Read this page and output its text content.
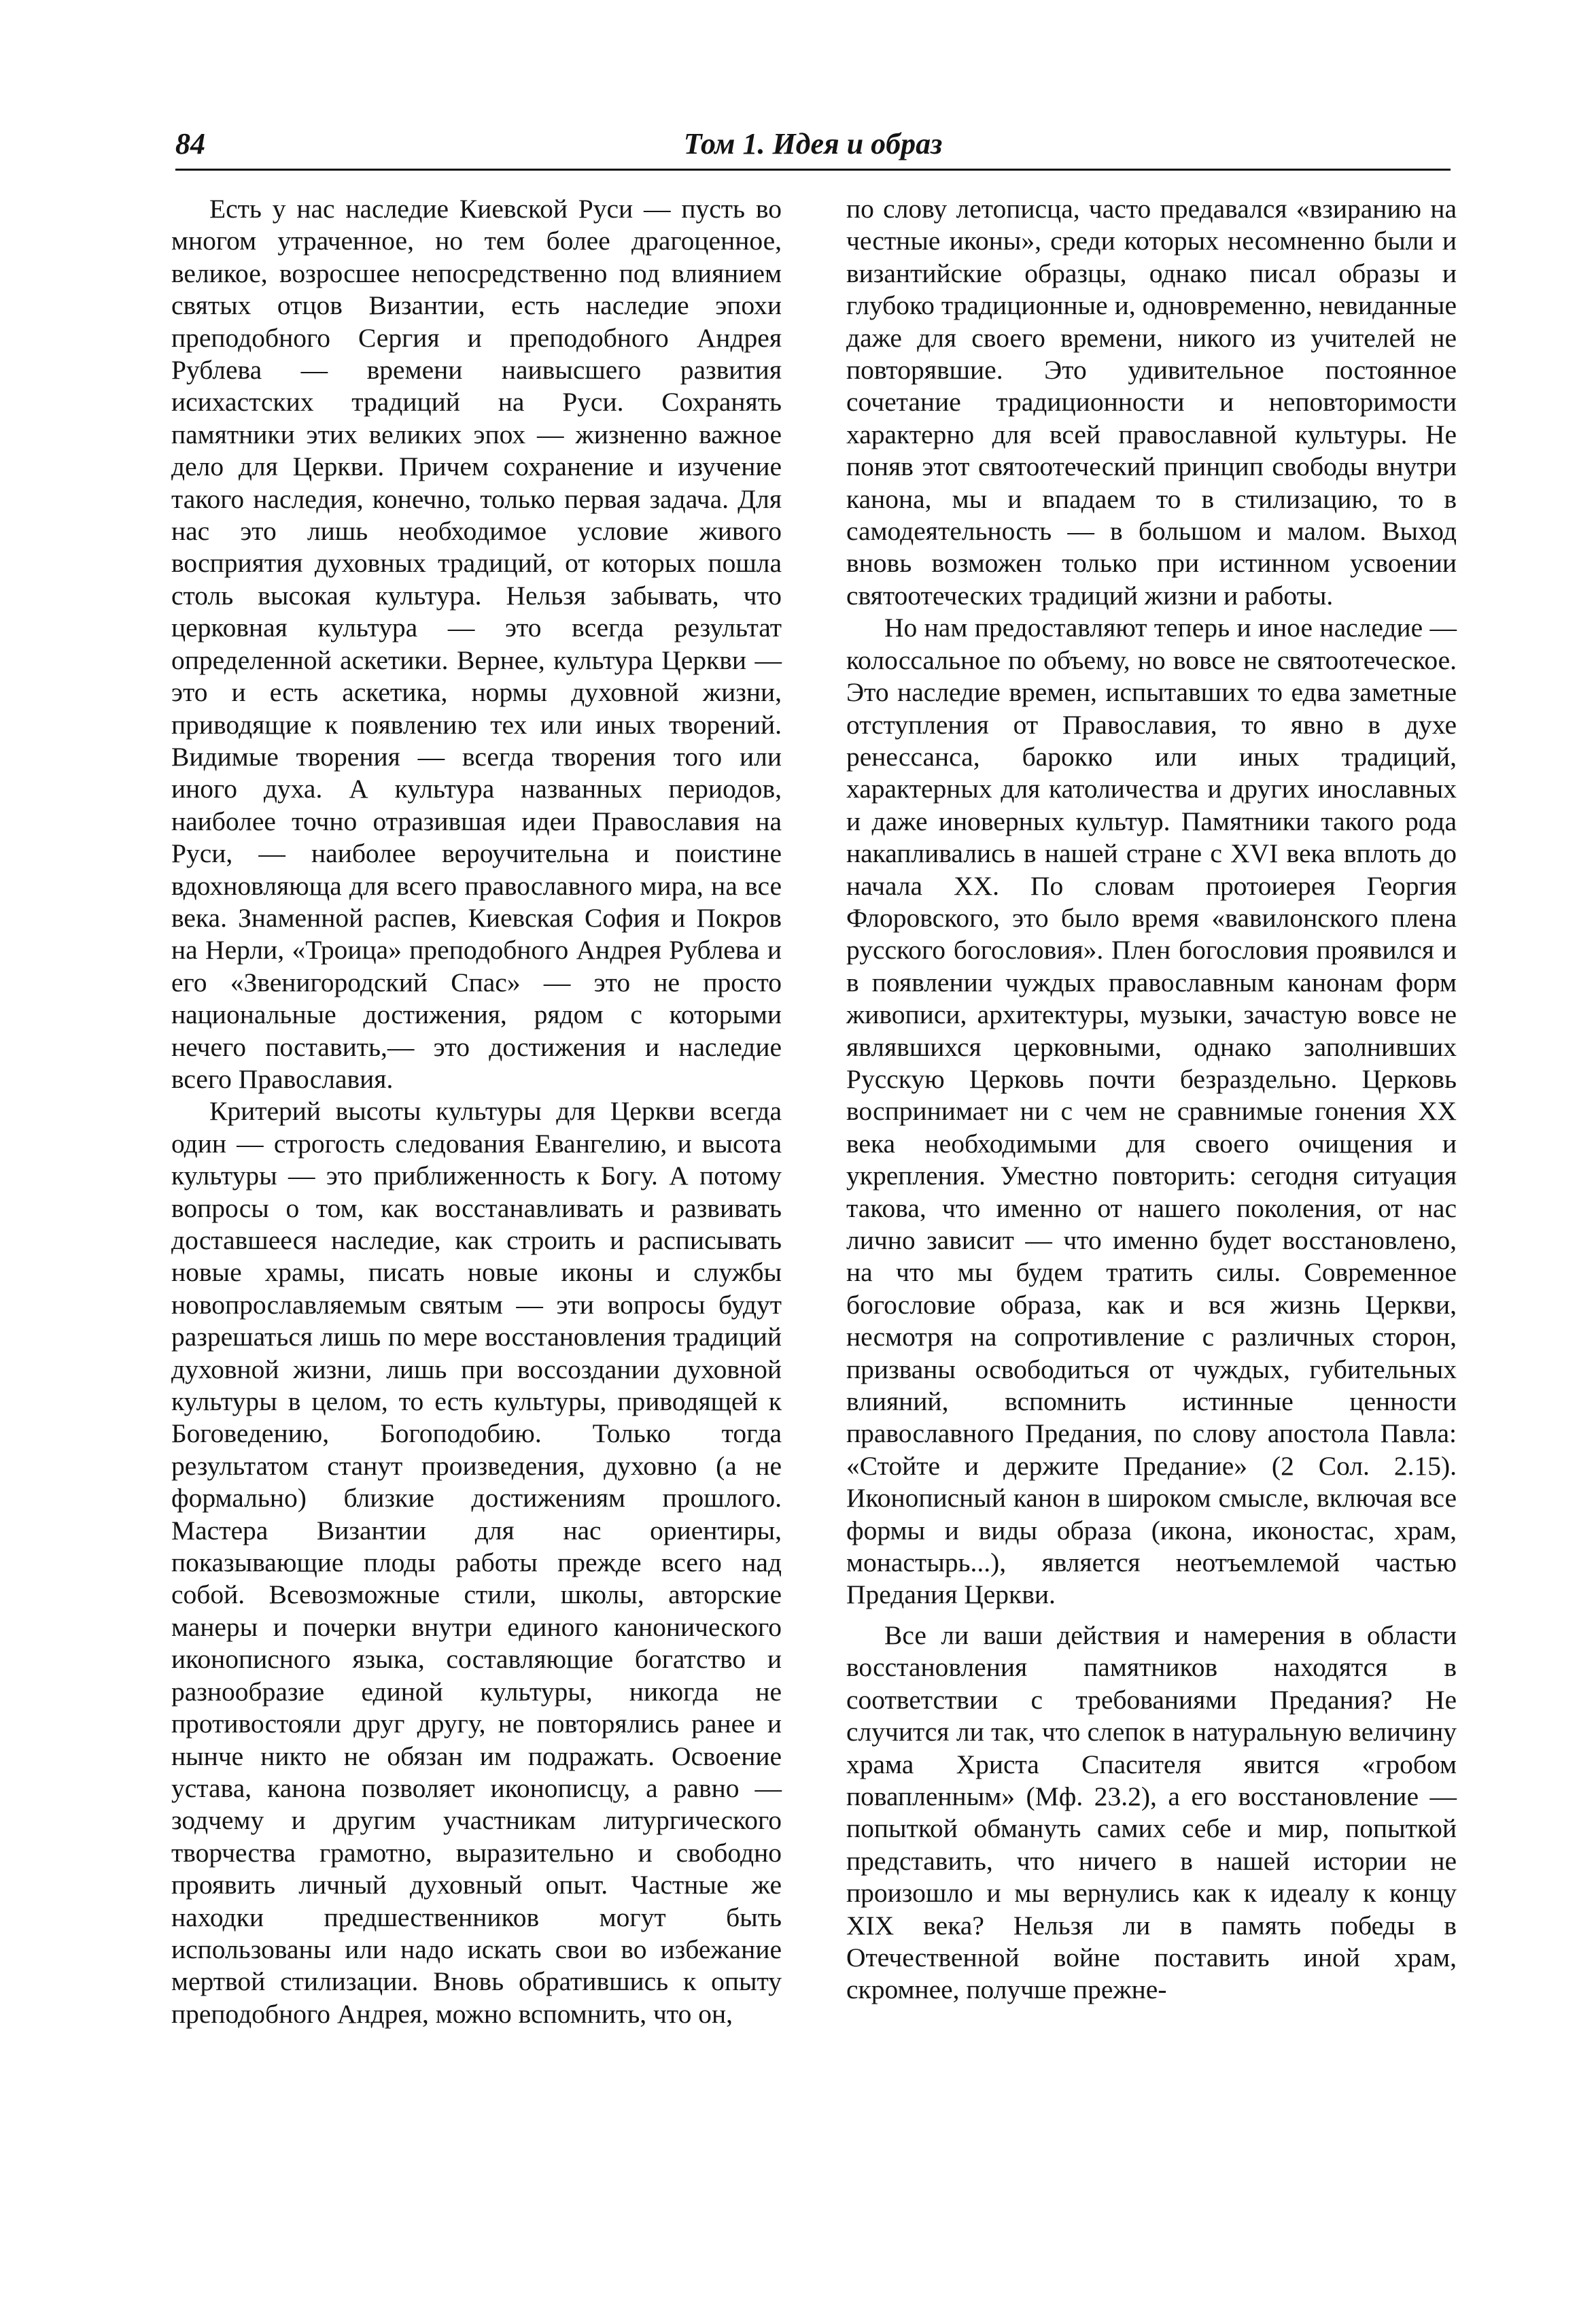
84	Том 1. Идея и образ

Есть у нас наследие Киевской Руси — пусть во многом утраченное, но тем более драгоценное, великое, возросшее непосредственно под влиянием святых отцов Византии, есть наследие эпохи преподобного Сергия и преподобного Андрея Рублева — времени наивысшего развития исихастских традиций на Руси. Сохранять памятники этих великих эпох — жизненно важное дело для Церкви. Причем сохранение и изучение такого наследия, конечно, только первая задача. Для нас это лишь необходимое условие живого восприятия духовных традиций, от которых пошла столь высокая культура. Нельзя забывать, что церковная культура — это всегда результат определенной аскетики. Вернее, культура Церкви — это и есть аскетика, нормы духовной жизни, приводящие к появлению тех или иных творений. Видимые творения — всегда творения того или иного духа. А культура названных периодов, наиболее точно отразившая идеи Православия на Руси, — наиболее вероучительна и поистине вдохновляюща для всего православного мира, на все века. Знаменной распев, Киевская София и Покров на Нерли, «Троица» преподобного Андрея Рублева и его «Звенигородский Спас» — это не просто национальные достижения, рядом с которыми нечего поставить,— это достижения и наследие всего Православия.

Критерий высоты культуры для Церкви всегда один — строгость следования Евангелию, и высота культуры — это приближенность к Богу. А потому вопросы о том, как восстанавливать и развивать доставшееся наследие, как строить и расписывать новые храмы, писать новые иконы и службы новопрославляемым святым — эти вопросы будут разрешаться лишь по мере восстановления традиций духовной жизни, лишь при воссоздании духовной культуры в целом, то есть культуры, приводящей к Боговедению, Богоподобию. Только тогда результатом станут произведения, духовно (а не формально) близкие достижениям прошлого. Мастера Византии для нас ориентиры, показывающие плоды работы прежде всего над собой. Всевозможные стили, школы, авторские манеры и почерки внутри единого канонического иконописного языка, составляющие богатство и разнообразие единой культуры, никогда не противостояли друг другу, не повторялись ранее и нынче никто не обязан им подражать. Освоение устава, канона позволяет иконописцу, а равно — зодчему и другим участникам литургического творчества грамотно, выразительно и свободно проявить личный духовный опыт. Частные же находки предшественников могут быть использованы или надо искать свои во избежание мертвой стилизации. Вновь обратившись к опыту преподобного Андрея, можно вспомнить, что он,

по слову летописца, часто предавался «взиранию на честные иконы», среди которых несомненно были и византийские образцы, однако писал образы и глубоко традиционные и, одновременно, невиданные даже для своего времени, никого из учителей не повторявшие. Это удивительное постоянное сочетание традиционности и неповторимости характерно для всей православной культуры. Не поняв этот святоотеческий принцип свободы внутри канона, мы и впадаем то в стилизацию, то в самодеятельность — в большом и малом. Выход вновь возможен только при истинном усвоении святоотеческих традиций жизни и работы.

Но нам предоставляют теперь и иное наследие — колоссальное по объему, но вовсе не святоотеческое. Это наследие времен, испытавших то едва заметные отступления от Православия, то явно в духе ренессанса, барокко или иных традиций, характерных для католичества и других инославных и даже иноверных культур. Памятники такого рода накапливались в нашей стране с XVI века вплоть до начала XX. По словам протоиерея Георгия Флоровского, это было время «вавилонского плена русского богословия». Плен богословия проявился и в появлении чуждых православным канонам форм живописи, архитектуры, музыки, зачастую вовсе не являвшихся церковными, однако заполнивших Русскую Церковь почти безраздельно. Церковь воспринимает ни с чем не сравнимые гонения XX века необходимыми для своего очищения и укрепления. Уместно повторить: сегодня ситуация такова, что именно от нашего поколения, от нас лично зависит — что именно будет восстановлено, на что мы будем тратить силы. Современное богословие образа, как и вся жизнь Церкви, несмотря на сопротивление с различных сторон, призваны освободиться от чуждых, губительных влияний, вспомнить истинные ценности православного Предания, по слову апостола Павла: «Стойте и держите Предание» (2 Сол. 2.15). Иконописный канон в широком смысле, включая все формы и виды образа (икона, иконостас, храм, монастырь...), является неотъемлемой частью Предания Церкви.

Все ли ваши действия и намерения в области восстановления памятников находятся в соответствии с требованиями Предания? Не случится ли так, что слепок в натуральную величину храма Христа Спасителя явится «гробом повапленным» (Мф. 23.2), а его восстановление — попыткой обмануть самих себе и мир, попыткой представить, что ничего в нашей истории не произошло и мы вернулись как к идеалу к концу XIX века? Нельзя ли в память победы в Отечественной войне поставить иной храм, скромнее, получше прежне-
